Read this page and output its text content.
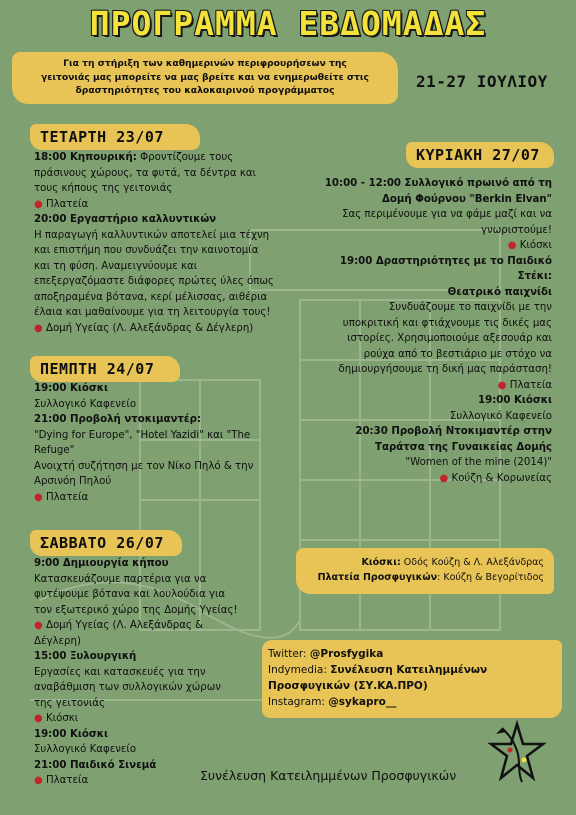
ΠΡΟΓΡΑΜΜΑ ΕΒΔΟΜΑΔΑΣ
Για τη στήριξη των καθημερινών περιφρουρήσεων της
γειτονιάς μας μπορείτε να μας βρείτε και να ενημερωθείτε στις
δραστηριότητες του καλοκαιρινού προγράμματος	21-27 ΙΟΥΛΙΟΥ
ΤΕΤΑΡΤΗ 23/07
18:00 Κηπουρική: Φροντίζουμε τους
πράσινους χώρους, τα φυτά, τα δέντρα και
τους κήπους της γειτονιάς
● Πλατεία
20:00 Εργαστήριο καλλυντικών
Η παραγωγή καλλυντικών αποτελεί μια τέχνη
και επιστήμη που συνδυάζει την καινοτομία
και τη φύση. Αναμειγνύουμε και
επεξεργαζόμαστε διάφορες πρώτες ύλες όπως
αποξηραμένα βότανα, κερί μέλισσας, αιθέρια
έλαια και μαθαίνουμε για τη λειτουργία τους!
● Δομή Υγείας (Λ. Αλεξάνδρας & Δέγλερη)
ΠΕΜΠΤΗ 24/07
19:00 Κιόσκι
Συλλογικό Καφενείο
21:00 Προβολή ντοκιμαντέρ:
"Dying for Europe", "Hotel Yazidi" και "The
Refuge"
Ανοιχτή συζήτηση με τον Νίκο Πηλό & την
Αρσινόη Πηλού
● Πλατεία
ΣΑΒΒΑΤΟ 26/07
9:00 Δημιουργία κήπου
Κατασκευάζουμε παρτέρια για να
φυτέψουμε βότανα και λουλούδια για
τον εξωτερικό χώρο της Δομής Υγείας!
● Δομή Υγείας (Λ. Αλεξάνδρας &
Δέγλερη)
15:00 Ξυλουργική
Εργασίες και κατασκευές για την
αναβάθμιση των συλλογικών χώρων
της γειτονιάς
● Κιόσκι
19:00 Κιόσκι
Συλλογικό Καφενείο
21:00 Παιδικό Σινεμά
● Πλατεία
ΚΥΡΙΑΚΗ 27/07
10:00 - 12:00 Συλλογικό πρωινό από τη
Δομή Φούρνου "Berkin Elvan"
Σας περιμένουμε για να φάμε μαζί και να
γνωριστούμε!
● Κιόσκι
19:00 Δραστηριότητες με το Παιδικό
Στέκι:
Θεατρικό παιχνίδι
Συνδυάζουμε το παιχνίδι με την
υποκριτική και φτιάχνουμε τις δικές μας
ιστορίες. Χρησιμοποιούμε αξεσουάρ και
ρούχα από το βεστιάριο με στόχο να
δημιουργήσουμε τη δική μας παράσταση!
● Πλατεία
19:00 Κιόσκι
Συλλογικό Καφενείο
20:30 Προβολή Ντοκιμαντέρ στην
Ταράτσα της Γυναικείας Δομής
"Women of the mine (2014)"
● Κούζη & Κορωνείας
Κιόσκι: Οδός Κούζη & Λ. Αλεξάνδρας
Πλατεία Προσφυγικών: Κούζη & Βεγορίτιδος
Twitter: @Prosfygika
Indymedia: Συνέλευση Κατειλημμένων
Προσφυγικών (ΣΥ.ΚΑ.ΠΡΟ)
Instagram: @sykapro__
Συνέλευση Κατειλημμένων Προσφυγικών
